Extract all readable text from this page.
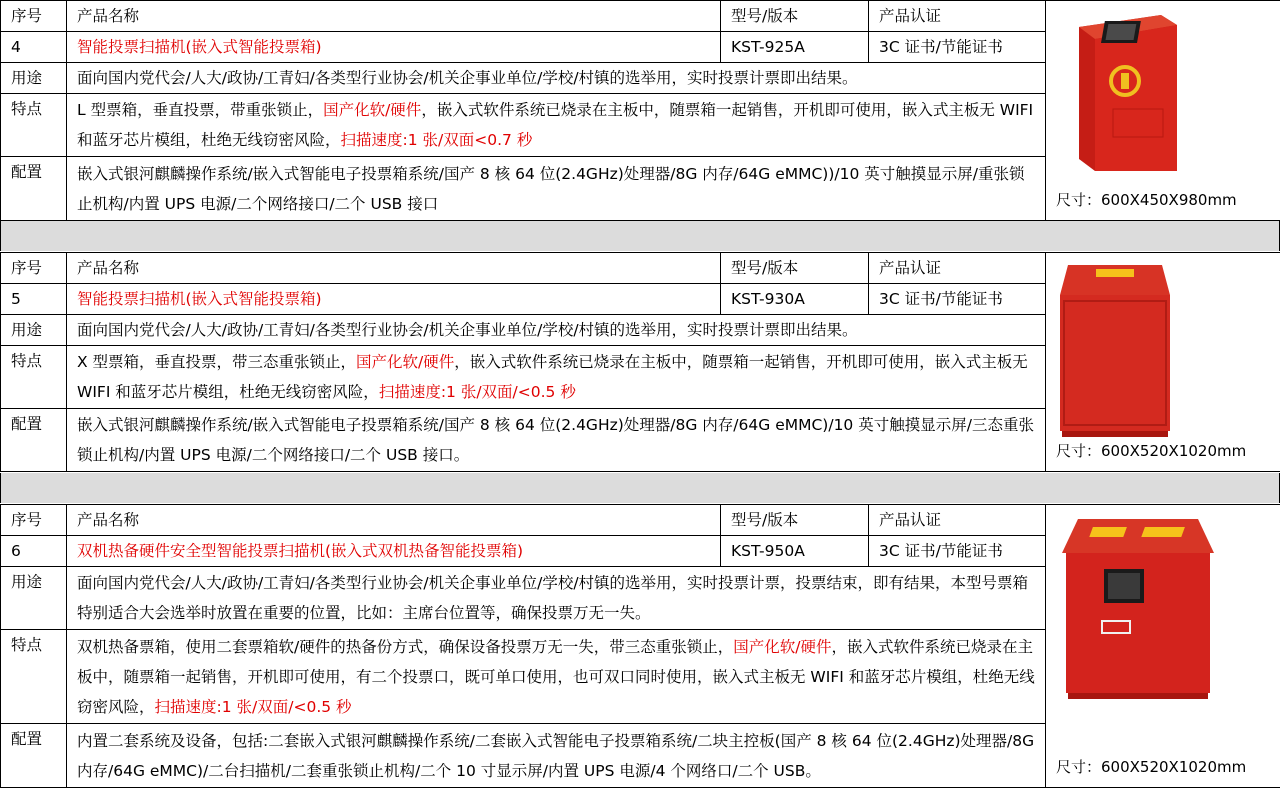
序号	产品名称	型号/版本	产品认证	尺寸：600X450X980mm

4	智能投票扫描机(嵌入式智能投票箱)	KST-925A	3C 证书/节能证书	
用途	面向国内党代会/人大/政协/工青妇/各类型行业协会/机关企事业单位/学校/村镇的选举用，实时投票计票即出结果。			
特点	L 型票箱，垂直投票，带重张锁止，国产化软/硬件，嵌入式软件系统已烧录在主板中，随票箱一起销售，开机即可使用，嵌入式主板无 WIFI 和蓝牙芯片模组，杜绝无线窃密风险，扫描速度:1 张/双面<0.7 秒			
配置	嵌入式银河麒麟操作系统/嵌入式智能电子投票箱系统/国产 8 核 64 位(2.4GHz)处理器/8G 内存/64G eMMC))/10 英寸触摸显示屏/重张锁止机构/内置 UPS 电源/二个网络接口/二个 USB 接口			
序号	产品名称	型号/版本	产品认证	尺寸：600X520X1020mm

5	智能投票扫描机(嵌入式智能投票箱)	KST-930A	3C 证书/节能证书	
用途	面向国内党代会/人大/政协/工青妇/各类型行业协会/机关企事业单位/学校/村镇的选举用，实时投票计票即出结果。			
特点	X 型票箱，垂直投票，带三态重张锁止，国产化软/硬件，嵌入式软件系统已烧录在主板中，随票箱一起销售，开机即可使用，嵌入式主板无 WIFI 和蓝牙芯片模组，杜绝无线窃密风险，扫描速度:1 张/双面/<0.5 秒			
配置	嵌入式银河麒麟操作系统/嵌入式智能电子投票箱系统/国产 8 核 64 位(2.4GHz)处理器/8G 内存/64G eMMC)/10 英寸触摸显示屏/三态重张锁止机构/内置 UPS 电源/二个网络接口/二个 USB 接口。			
序号	产品名称	型号/版本	产品认证	尺寸：600X520X1020mm

6	双机热备硬件安全型智能投票扫描机(嵌入式双机热备智能投票箱)	KST-950A	3C 证书/节能证书	
用途	面向国内党代会/人大/政协/工青妇/各类型行业协会/机关企事业单位/学校/村镇的选举用，实时投票计票，投票结束，即有结果，本型号票箱特别适合大会选举时放置在重要的位置，比如：主席台位置等，确保投票万无一失。			
特点	双机热备票箱，使用二套票箱软/硬件的热备份方式，确保设备投票万无一失，带三态重张锁止，国产化软/硬件，嵌入式软件系统已烧录在主板中，随票箱一起销售，开机即可使用，有二个投票口，既可单口使用，也可双口同时使用，嵌入式主板无 WIFI 和蓝牙芯片模组，杜绝无线窃密风险，扫描速度:1 张/双面/<0.5 秒			
配置	内置二套系统及设备，包括:二套嵌入式银河麒麟操作系统/二套嵌入式智能电子投票箱系统/二块主控板(国产 8 核 64 位(2.4GHz)处理器/8G 内存/64G eMMC)/二台扫描机/二套重张锁止机构/二个 10 寸显示屏/内置 UPS 电源/4 个网络口/二个 USB。			
